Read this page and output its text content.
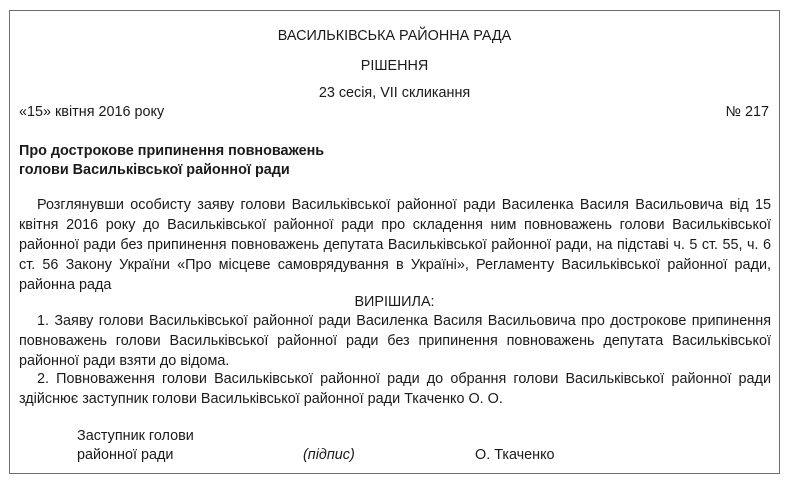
ВАСИЛЬКІВСЬКА РАЙОННА РАДА
РІШЕННЯ
23 сесія, VII скликання
«15» квітня 2016 року	№ 217
Про дострокове припинення повноважень
голови Васильківської районної ради

Розглянувши особисту заяву голови Васильківської районної ради Василенка Василя Васильовича від 15 квітня 2016 року до Васильківської районної ради про складення ним повноважень голови Васильківської районної ради без припинення повноважень депутата Васильківської районної ради, на підставі ч. 5 ст. 55, ч. 6 ст. 56 Закону України «Про місцеве самоврядування в Україні», Регламенту Васильківської районної ради, районна рада

ВИРІШИЛА:

1. Заяву голови Васильківської районної ради Василенка Василя Васильовича про дострокове припинення повноважень голови Васильківської районної ради без припинення повноважень депутата Васильківської районної ради взяти до відома.

2. Повноваження голови Васильківської районної ради до обрання голови Васильківської районної ради здійснює заступник голови Васильківської районної ради Ткаченко О. О.

Заступник голови
районної ради	(підпис)	О. Ткаченко
